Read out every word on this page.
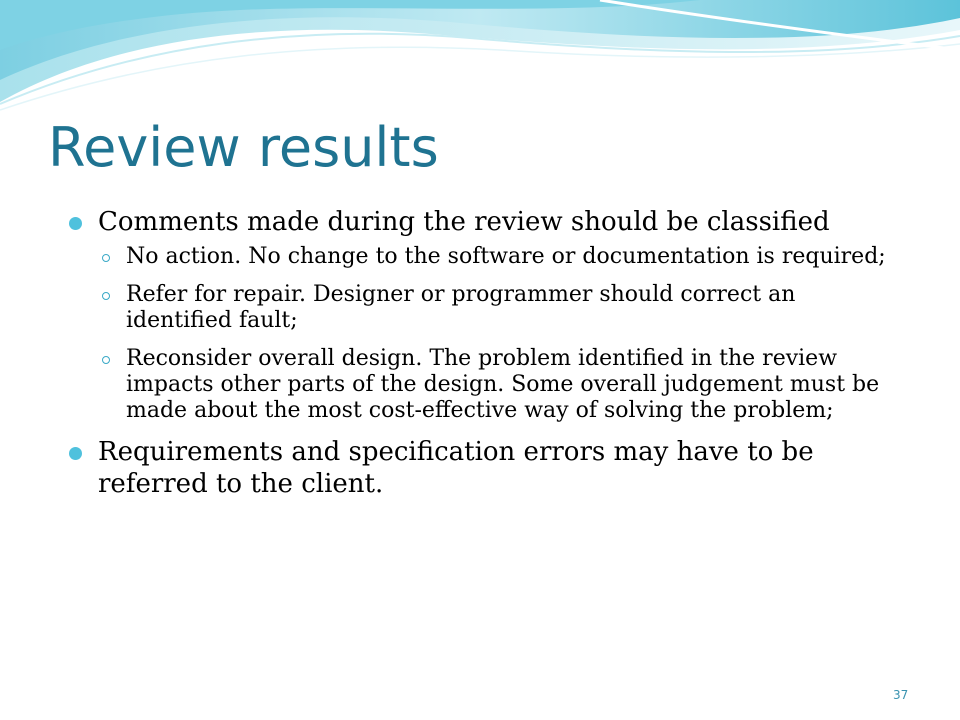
Review results
Comments made during the review should be classified
No action. No change to the software or documentation is required;
Refer for repair. Designer or programmer should correct an identified fault;
Reconsider overall design. The problem identified in the review impacts other parts of the design. Some overall judgement must be made about the most cost-effective way of solving the problem;
Requirements and specification errors may have to be referred to the client.
37
